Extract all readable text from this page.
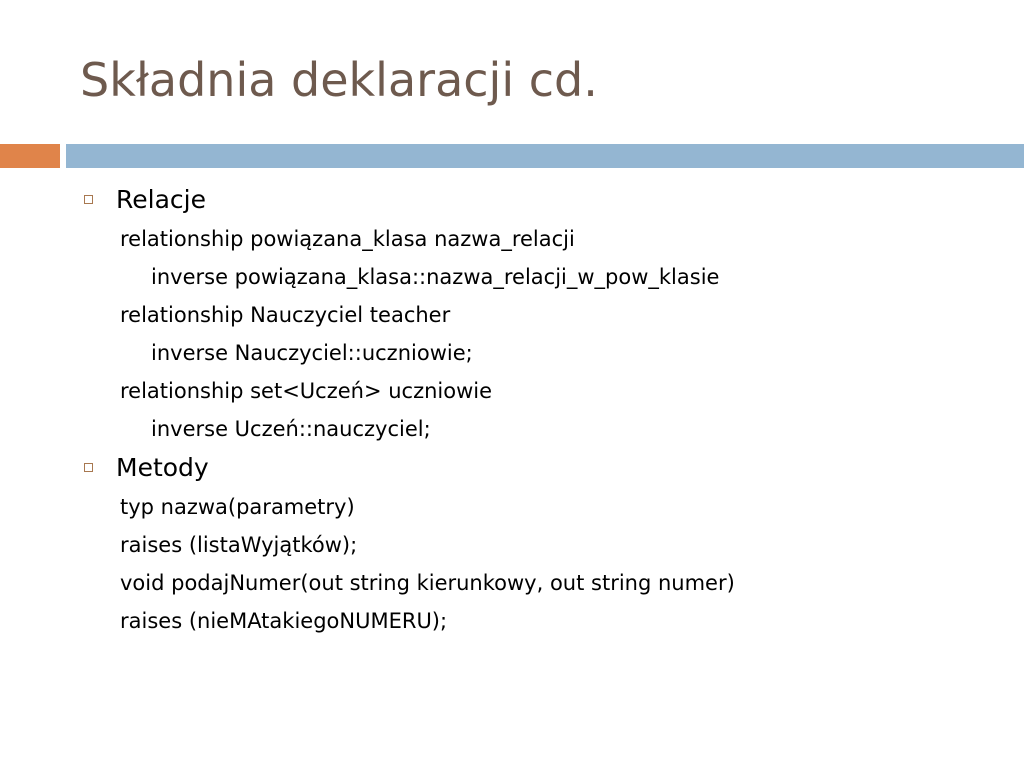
Składnia deklaracji cd.
Relacje
relationship powiązana_klasa nazwa_relacji
inverse powiązana_klasa::nazwa_relacji_w_pow_klasie
relationship Nauczyciel teacher
inverse Nauczyciel::uczniowie;
relationship set<Uczeń> uczniowie
inverse Uczeń::nauczyciel;
Metody
typ nazwa(parametry)
raises (listaWyjątków);
void podajNumer(out string kierunkowy, out string numer)
raises (nieMAtakiegoNUMERU);
